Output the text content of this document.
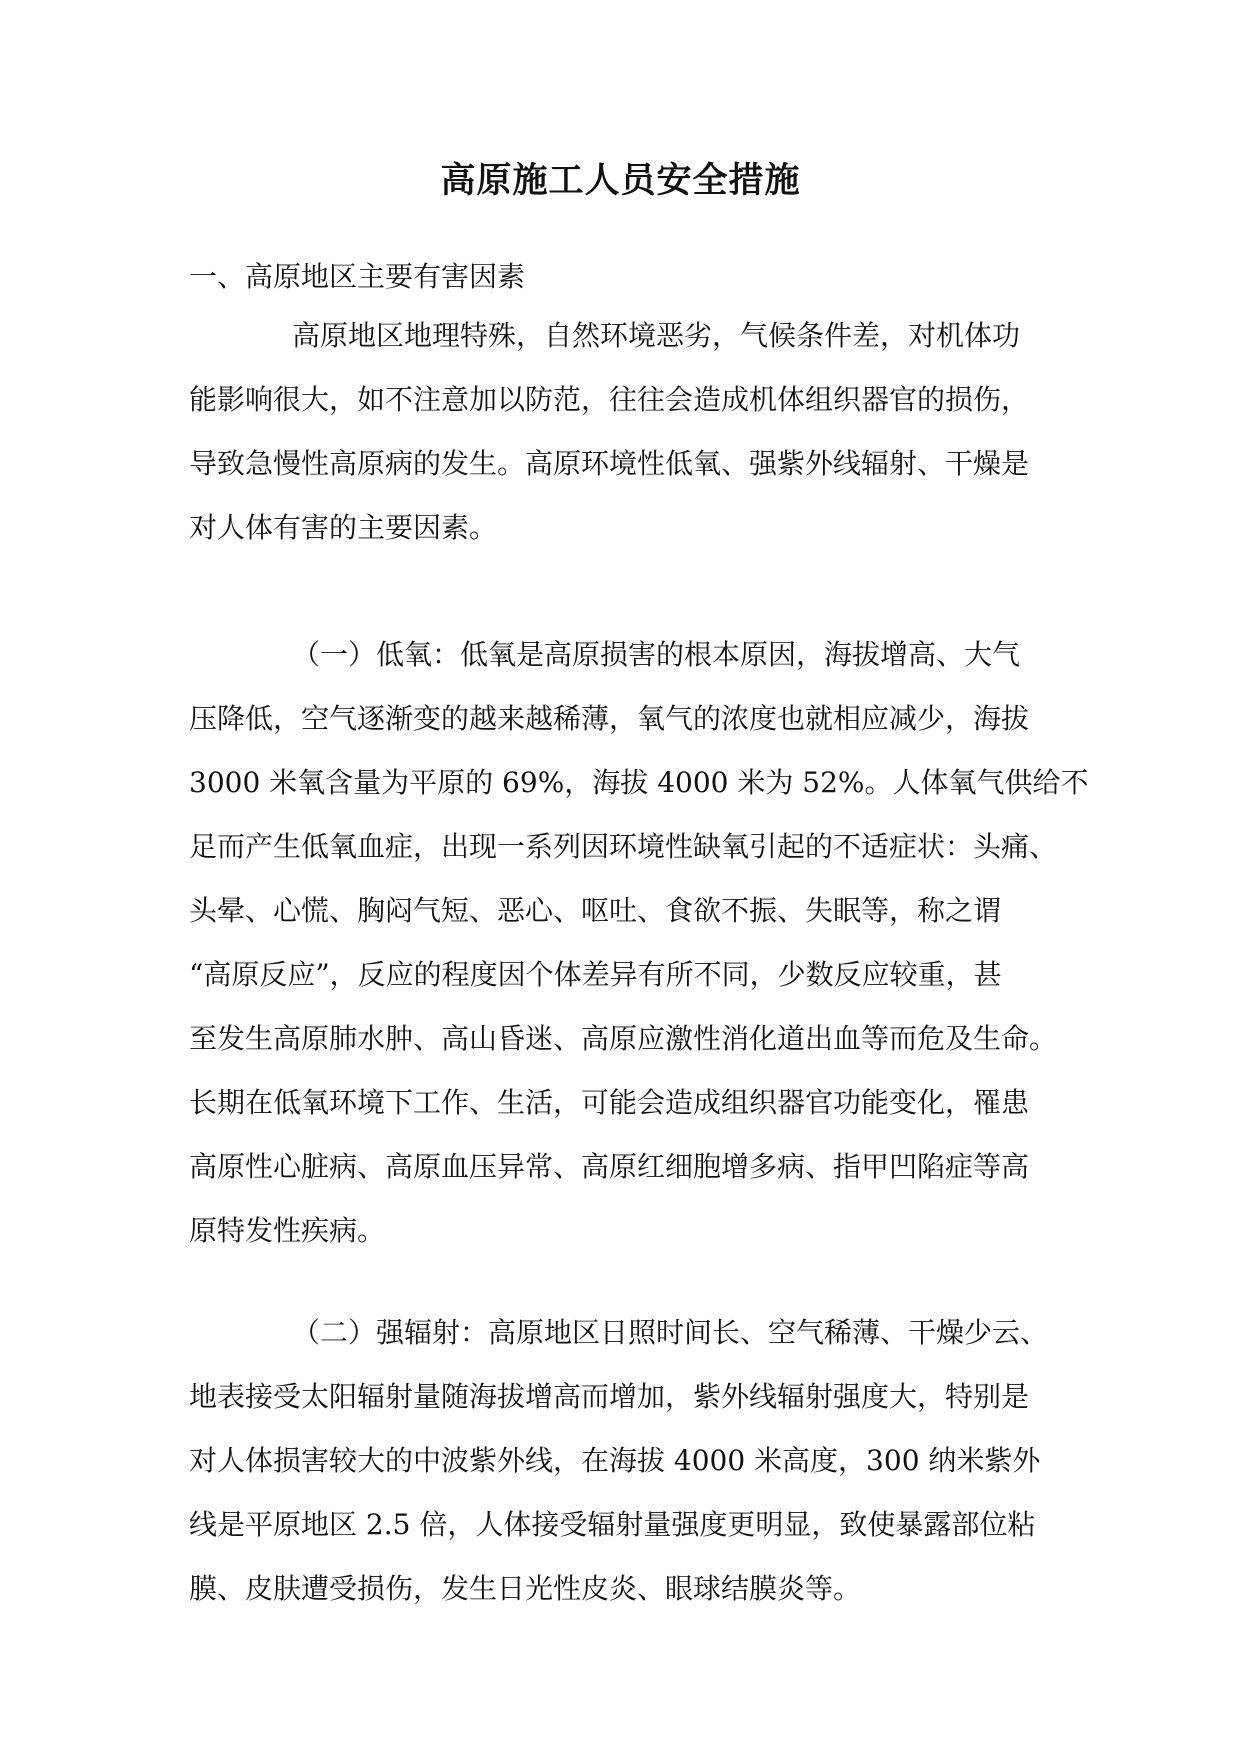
高原施工人员安全措施

一、高原地区主要有害因素

高原地区地理特殊，自然环境恶劣，气候条件差，对机体功
能影响很大，如不注意加以防范，往往会造成机体组织器官的损伤，
导致急慢性高原病的发生。高原环境性低氧、强紫外线辐射、干燥是
对人体有害的主要因素。
（一）低氧：低氧是高原损害的根本原因，海拔增高、大气
压降低，空气逐渐变的越来越稀薄，氧气的浓度也就相应减少，海拔
3000 米氧含量为平原的 69%，海拔 4000 米为 52%。人体氧气供给不
足而产生低氧血症，出现一系列因环境性缺氧引起的不适症状：头痛、
头晕、心慌、胸闷气短、恶心、呕吐、食欲不振、失眠等，称之谓
“高原反应”，反应的程度因个体差异有所不同，少数反应较重，甚
至发生高原肺水肿、高山昏迷、高原应激性消化道出血等而危及生命。
长期在低氧环境下工作、生活，可能会造成组织器官功能变化，罹患
高原性心脏病、高原血压异常、高原红细胞增多病、指甲凹陷症等高
原特发性疾病。
（二）强辐射：高原地区日照时间长、空气稀薄、干燥少云、
地表接受太阳辐射量随海拔增高而增加，紫外线辐射强度大，特别是
对人体损害较大的中波紫外线，在海拔 4000 米高度，300 纳米紫外
线是平原地区 2.5 倍，人体接受辐射量强度更明显，致使暴露部位粘
膜、皮肤遭受损伤，发生日光性皮炎、眼球结膜炎等。
